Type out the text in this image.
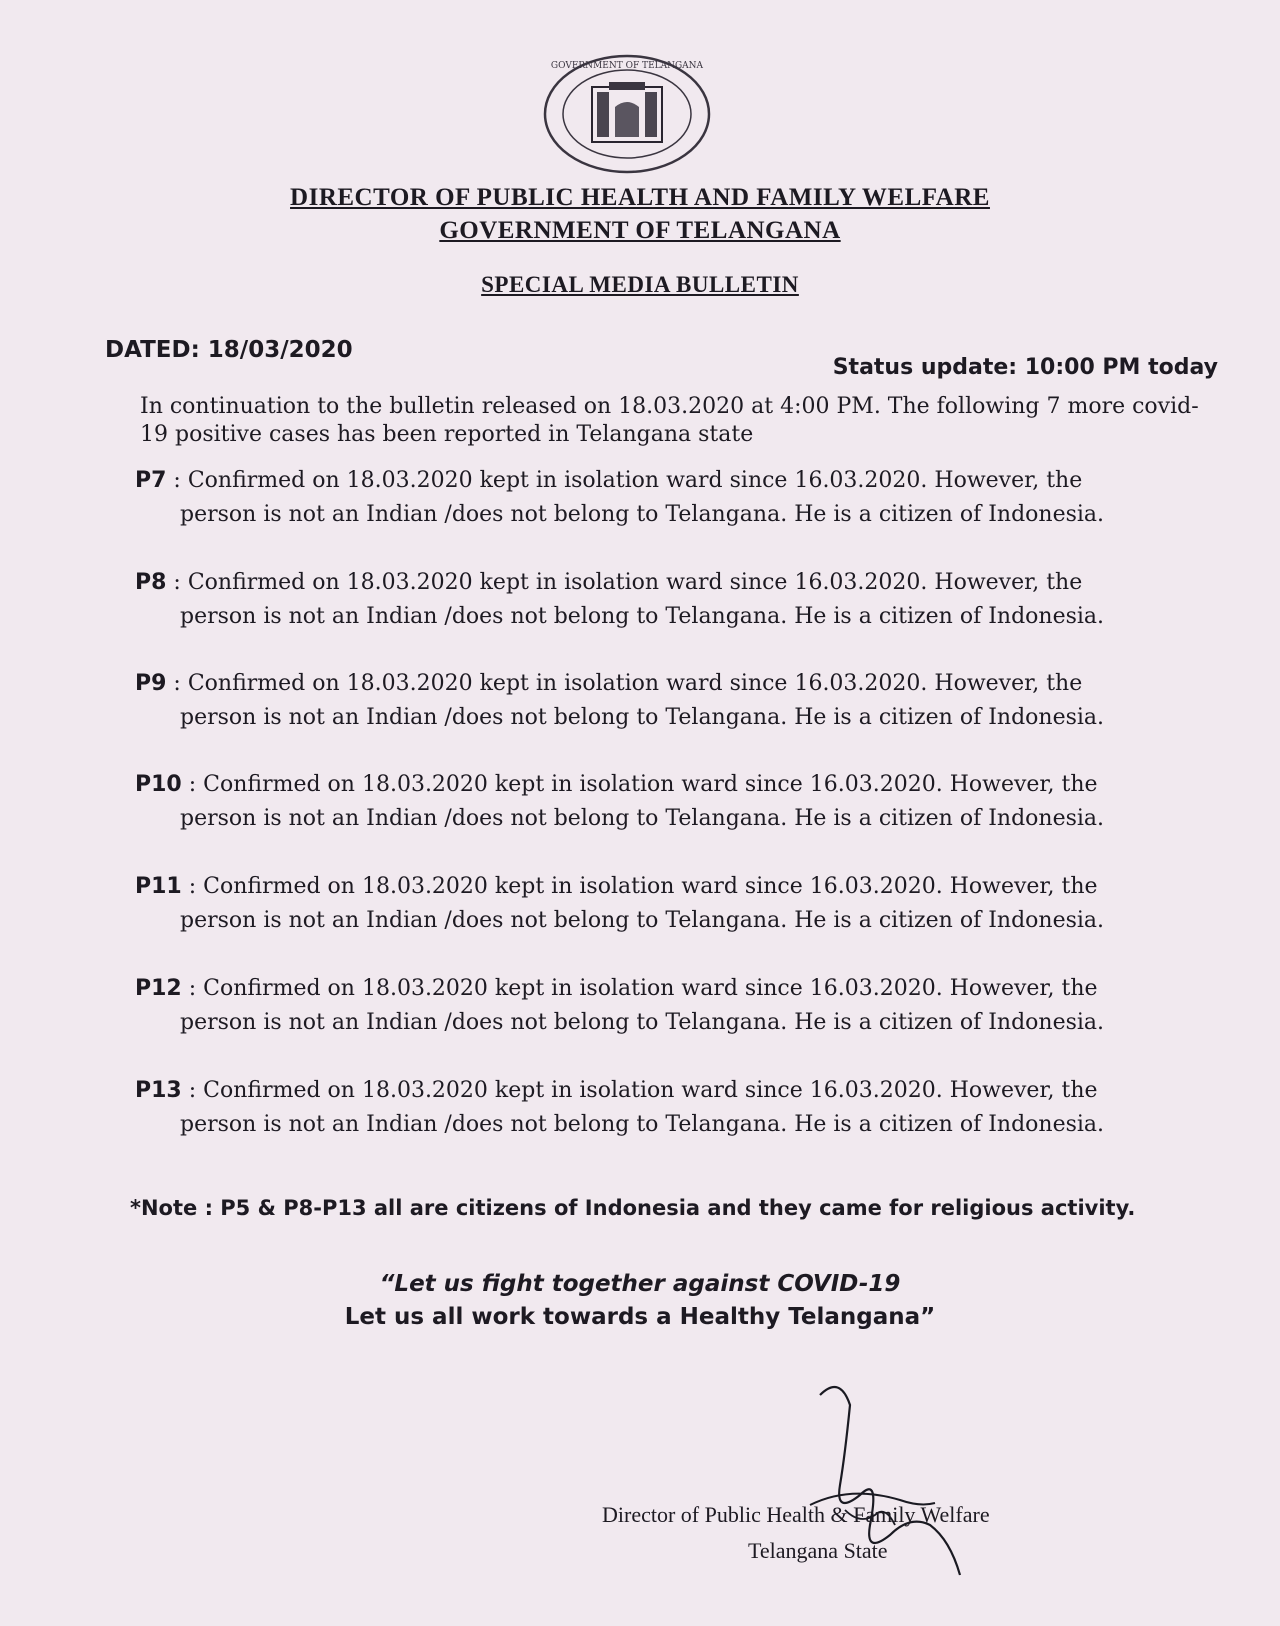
GOVERNMENT OF TELANGANA
DIRECTOR OF PUBLIC HEALTH AND FAMILY WELFARE
GOVERNMENT OF TELANGANA
SPECIAL MEDIA BULLETIN
DATED: 18/03/2020
Status update: 10:00 PM today
In continuation to the bulletin released on 18.03.2020 at 4:00 PM. The following 7 more covid-19 positive cases has been reported in Telangana state
P7 : Confirmed on 18.03.2020 kept in isolation ward since 16.03.2020. However, the
person is not an Indian /does not belong to Telangana. He is a citizen of Indonesia.
P8 : Confirmed on 18.03.2020 kept in isolation ward since 16.03.2020. However, the
person is not an Indian /does not belong to Telangana. He is a citizen of Indonesia.
P9 : Confirmed on 18.03.2020 kept in isolation ward since 16.03.2020. However, the
person is not an Indian /does not belong to Telangana. He is a citizen of Indonesia.
P10 : Confirmed on 18.03.2020 kept in isolation ward since 16.03.2020. However, the
person is not an Indian /does not belong to Telangana. He is a citizen of Indonesia.
P11 : Confirmed on 18.03.2020 kept in isolation ward since 16.03.2020. However, the
person is not an Indian /does not belong to Telangana. He is a citizen of Indonesia.
P12 : Confirmed on 18.03.2020 kept in isolation ward since 16.03.2020. However, the
person is not an Indian /does not belong to Telangana. He is a citizen of Indonesia.
P13 : Confirmed on 18.03.2020 kept in isolation ward since 16.03.2020. However, the
person is not an Indian /does not belong to Telangana. He is a citizen of Indonesia.
*Note : P5 & P8-P13 all are citizens of Indonesia and they came for religious activity.
“Let us fight together against COVID-19
Let us all work towards a Healthy Telangana”
Director of Public Health & Family Welfare
Telangana State
